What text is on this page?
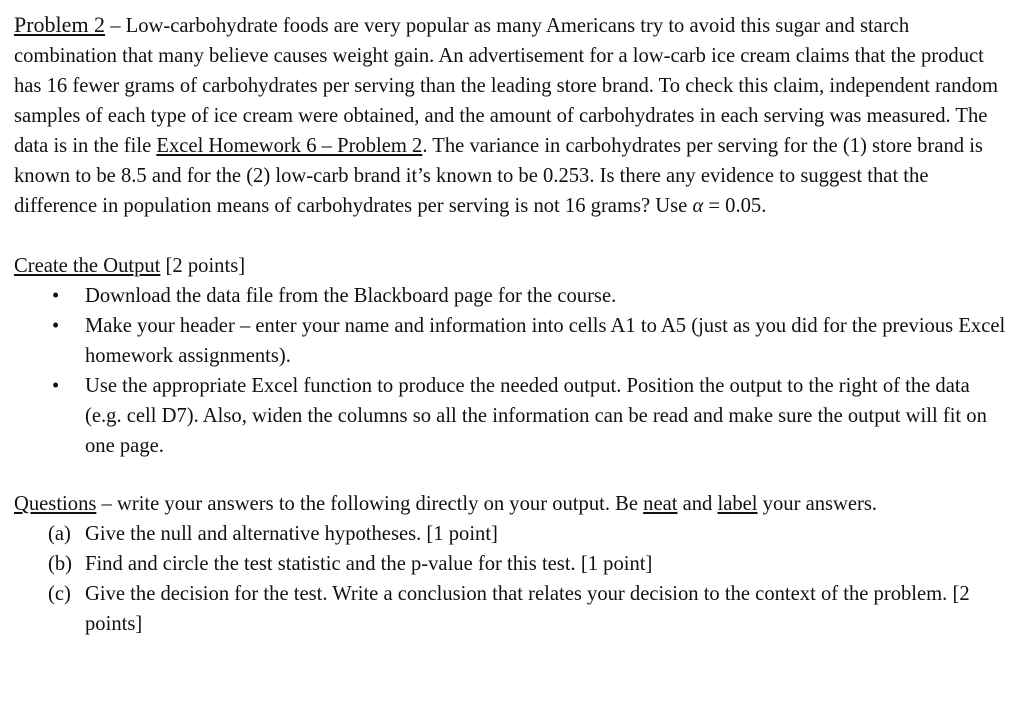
Problem 2 – Low-carbohydrate foods are very popular as many Americans try to avoid this sugar and starch combination that many believe causes weight gain. An advertisement for a low-carb ice cream claims that the product has 16 fewer grams of carbohydrates per serving than the leading store brand. To check this claim, independent random samples of each type of ice cream were obtained, and the amount of carbohydrates in each serving was measured. The data is in the file Excel Homework 6 – Problem 2. The variance in carbohydrates per serving for the (1) store brand is known to be 8.5 and for the (2) low-carb brand it’s known to be 0.253. Is there any evidence to suggest that the difference in population means of carbohydrates per serving is not 16 grams? Use α = 0.05.

Create the Output [2 points]

• Download the data file from the Blackboard page for the course.
• Make your header – enter your name and information into cells A1 to A5 (just as you did for the previous Excel homework assignments).
• Use the appropriate Excel function to produce the needed output. Position the output to the right of the data (e.g. cell D7). Also, widen the columns so all the information can be read and make sure the output will fit on one page.

Questions – write your answers to the following directly on your output. Be neat and label your answers.

(a) Give the null and alternative hypotheses. [1 point]
(b) Find and circle the test statistic and the p-value for this test. [1 point]
(c) Give the decision for the test. Write a conclusion that relates your decision to the context of the problem. [2 points]
